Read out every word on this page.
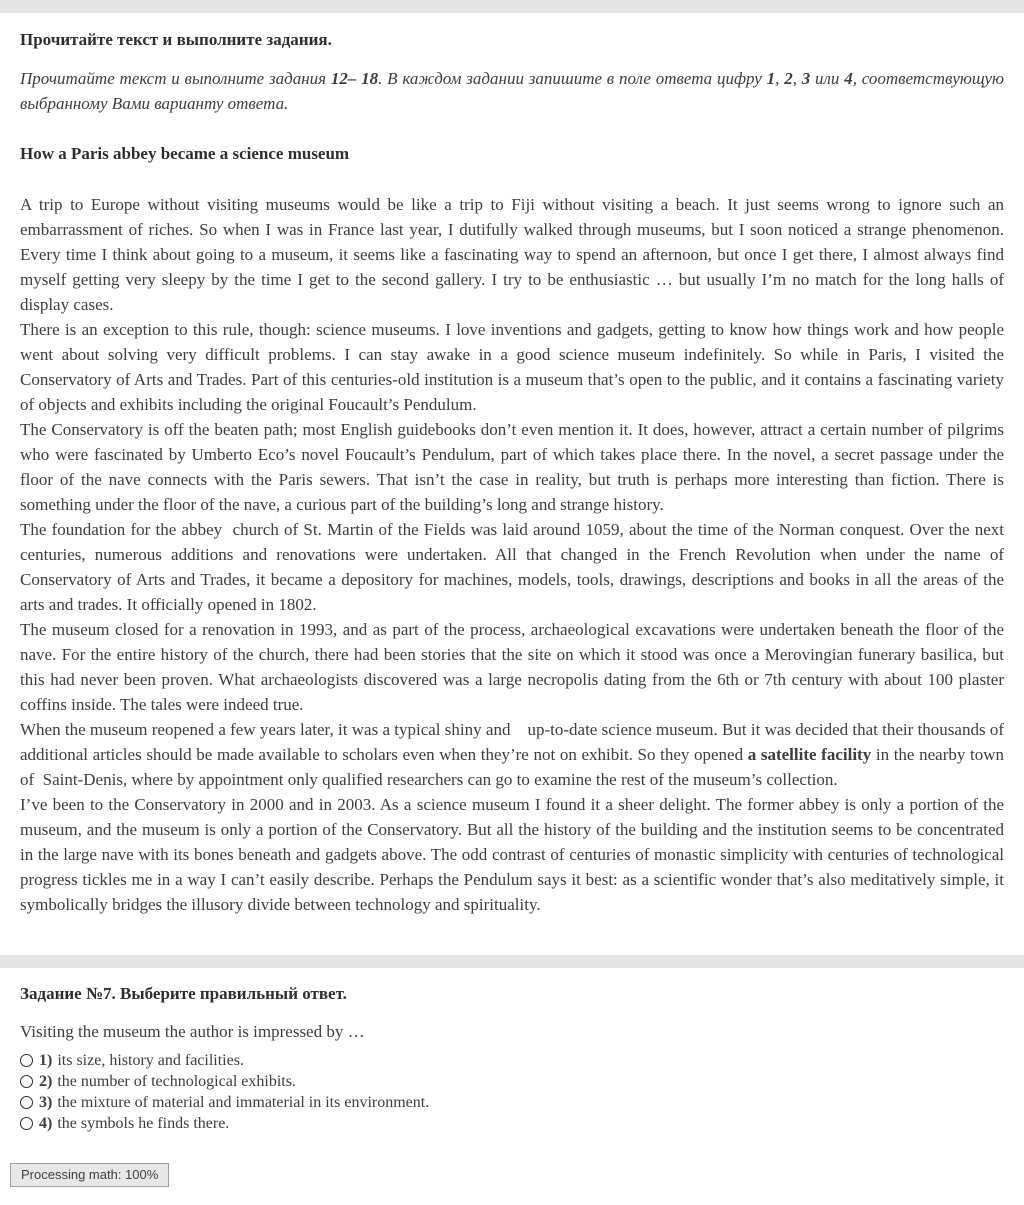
Прочитайте текст и выполните задания.

Прочитайте текст и выполните задания 12– 18. В каждом задании запишите в поле ответа цифру 1, 2, 3 или 4, соответствующую выбранному Вами варианту ответа.

How a Paris abbey became a science museum

A trip to Europe without visiting museums would be like a trip to Fiji without visiting a beach. It just seems wrong to ignore such an embarrassment of riches. So when I was in France last year, I dutifully walked through museums, but I soon noticed a strange phenomenon. Every time I think about going to a museum, it seems like a fascinating way to spend an afternoon, but once I get there, I almost always find myself getting very sleepy by the time I get to the second gallery. I try to be enthusiastic … but usually I’m no match for the long halls of display cases.

There is an exception to this rule, though: science museums. I love inventions and gadgets, getting to know how things work and how people went about solving very difficult problems. I can stay awake in a good science museum indefinitely. So while in Paris, I visited the Conservatory of Arts and Trades. Part of this centuries-old institution is a museum that’s open to the public, and it contains a fascinating variety of objects and exhibits including the original Foucault’s Pendulum.

The Conservatory is off the beaten path; most English guidebooks don’t even mention it. It does, however, attract a certain number of pilgrims who were fascinated by Umberto Eco’s novel Foucault’s Pendulum, part of which takes place there. In the novel, a secret passage under the floor of the nave connects with the Paris sewers. That isn’t the case in reality, but truth is perhaps more interesting than fiction. There is something under the floor of the nave, a curious part of the building’s long and strange history.

The foundation for the abbey  church of St. Martin of the Fields was laid around 1059, about the time of the Norman conquest. Over the next centuries, numerous additions and renovations were undertaken. All that changed in the French Revolution when under the name of Conservatory of Arts and Trades, it became a depository for machines, models, tools, drawings, descriptions and books in all the areas of the arts and trades. It officially opened in 1802.

The museum closed for a renovation in 1993, and as part of the process, archaeological excavations were undertaken beneath the floor of the nave. For the entire history of the church, there had been stories that the site on which it stood was once a Merovingian funerary basilica, but this had never been proven. What archaeologists discovered was a large necropolis dating from the 6th or 7th century with about 100 plaster coffins inside. The tales were indeed true.

When the museum reopened a few years later, it was a typical shiny and    up-to-date science museum. But it was decided that their thousands of additional articles should be made available to scholars even when they’re not on exhibit. So they opened a satellite facility in the nearby town of  Saint-Denis, where by appointment only qualified researchers can go to examine the rest of the museum’s collection.

I’ve been to the Conservatory in 2000 and in 2003. As a science museum I found it a sheer delight. The former abbey is only a portion of the museum, and the museum is only a portion of the Conservatory. But all the history of the building and the institution seems to be concentrated in the large nave with its bones beneath and gadgets above. The odd contrast of centuries of monastic simplicity with centuries of technological progress tickles me in a way I can’t easily describe. Perhaps the Pendulum says it best: as a scientific wonder that’s also meditatively simple, it symbolically bridges the illusory divide between technology and spirituality.

Задание №7. Выберите правильный ответ.

Visiting the museum the author is impressed by …

1) its size, history and facilities.
2) the number of technological exhibits.
3) the mixture of material and immaterial in its environment.
4) the symbols he finds there.
Processing math: 100%
